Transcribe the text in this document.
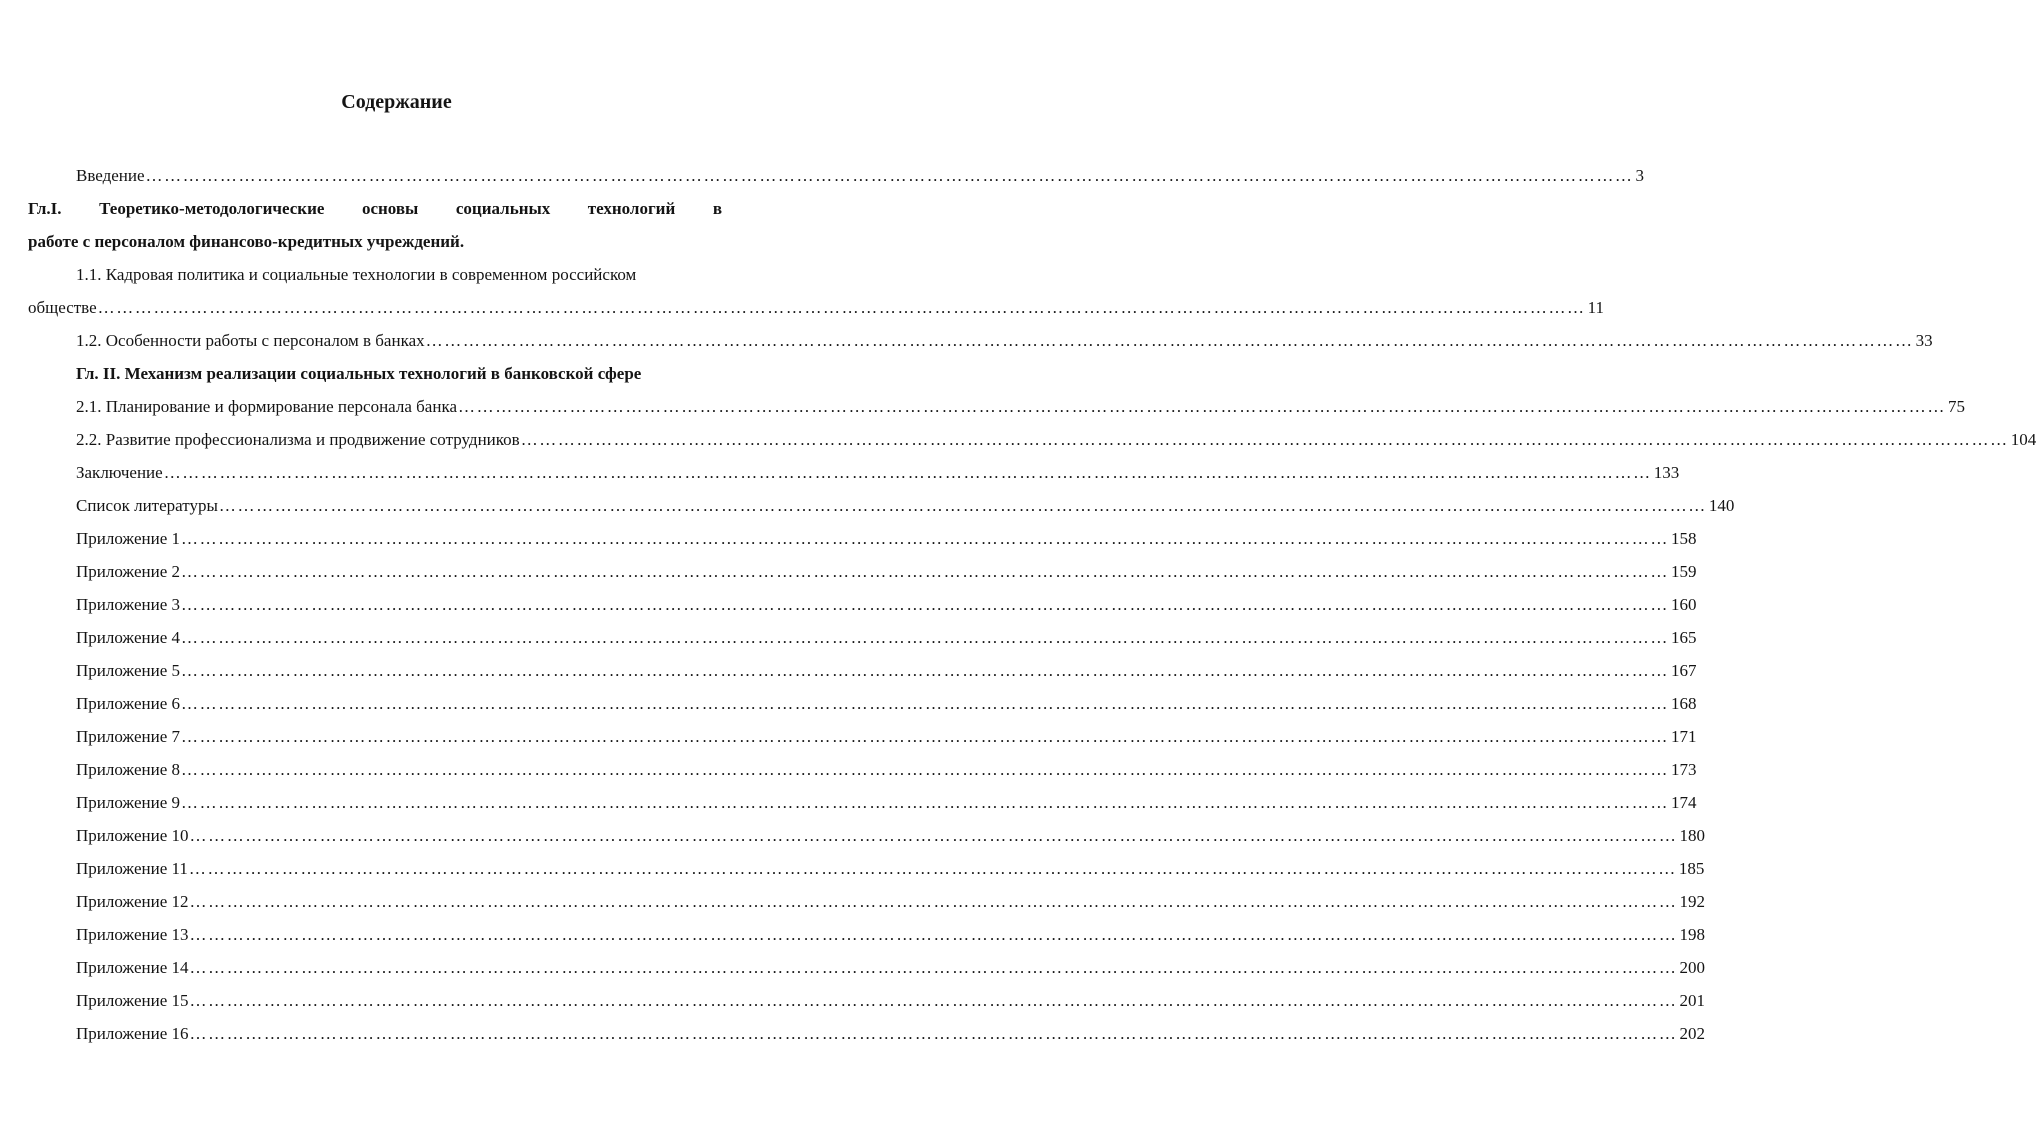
Содержание
Введение …………………………………………………………………………………………………………………………………………………………………………………………………………………… 3
Гл.I. Теоретико-методологические основы социальных технологий в
работе с персоналом финансово-кредитных учреждений.
1.1. Кадровая политика и социальные технологии в современном российском
обществе …………………………………………………………………………………………………………………………………………………………………………………………………………………… 11
1.2. Особенности работы с персоналом в банках …………………………………………………………………………………………………………………………………………………………………………………………………………………… 33
Гл. II. Механизм реализации социальных технологий в банковской сфере
2.1. Планирование и формирование персонала банка …………………………………………………………………………………………………………………………………………………………………………………………………………………… 75
2.2. Развитие профессионализма и продвижение сотрудников …………………………………………………………………………………………………………………………………………………………………………………………………………………… 104
Заключение …………………………………………………………………………………………………………………………………………………………………………………………………………………… 133
Список литературы …………………………………………………………………………………………………………………………………………………………………………………………………………………… 140
Приложение 1 …………………………………………………………………………………………………………………………………………………………………………………………………………………… 158
Приложение 2 …………………………………………………………………………………………………………………………………………………………………………………………………………………… 159
Приложение 3 …………………………………………………………………………………………………………………………………………………………………………………………………………………… 160
Приложение 4 …………………………………………………………………………………………………………………………………………………………………………………………………………………… 165
Приложение 5 …………………………………………………………………………………………………………………………………………………………………………………………………………………… 167
Приложение 6 …………………………………………………………………………………………………………………………………………………………………………………………………………………… 168
Приложение 7 …………………………………………………………………………………………………………………………………………………………………………………………………………………… 171
Приложение 8 …………………………………………………………………………………………………………………………………………………………………………………………………………………… 173
Приложение 9 …………………………………………………………………………………………………………………………………………………………………………………………………………………… 174
Приложение 10 …………………………………………………………………………………………………………………………………………………………………………………………………………………… 180
Приложение 11 …………………………………………………………………………………………………………………………………………………………………………………………………………………… 185
Приложение 12 …………………………………………………………………………………………………………………………………………………………………………………………………………………… 192
Приложение 13 …………………………………………………………………………………………………………………………………………………………………………………………………………………… 198
Приложение 14 …………………………………………………………………………………………………………………………………………………………………………………………………………………… 200
Приложение 15 …………………………………………………………………………………………………………………………………………………………………………………………………………………… 201
Приложение 16 …………………………………………………………………………………………………………………………………………………………………………………………………………………… 202
